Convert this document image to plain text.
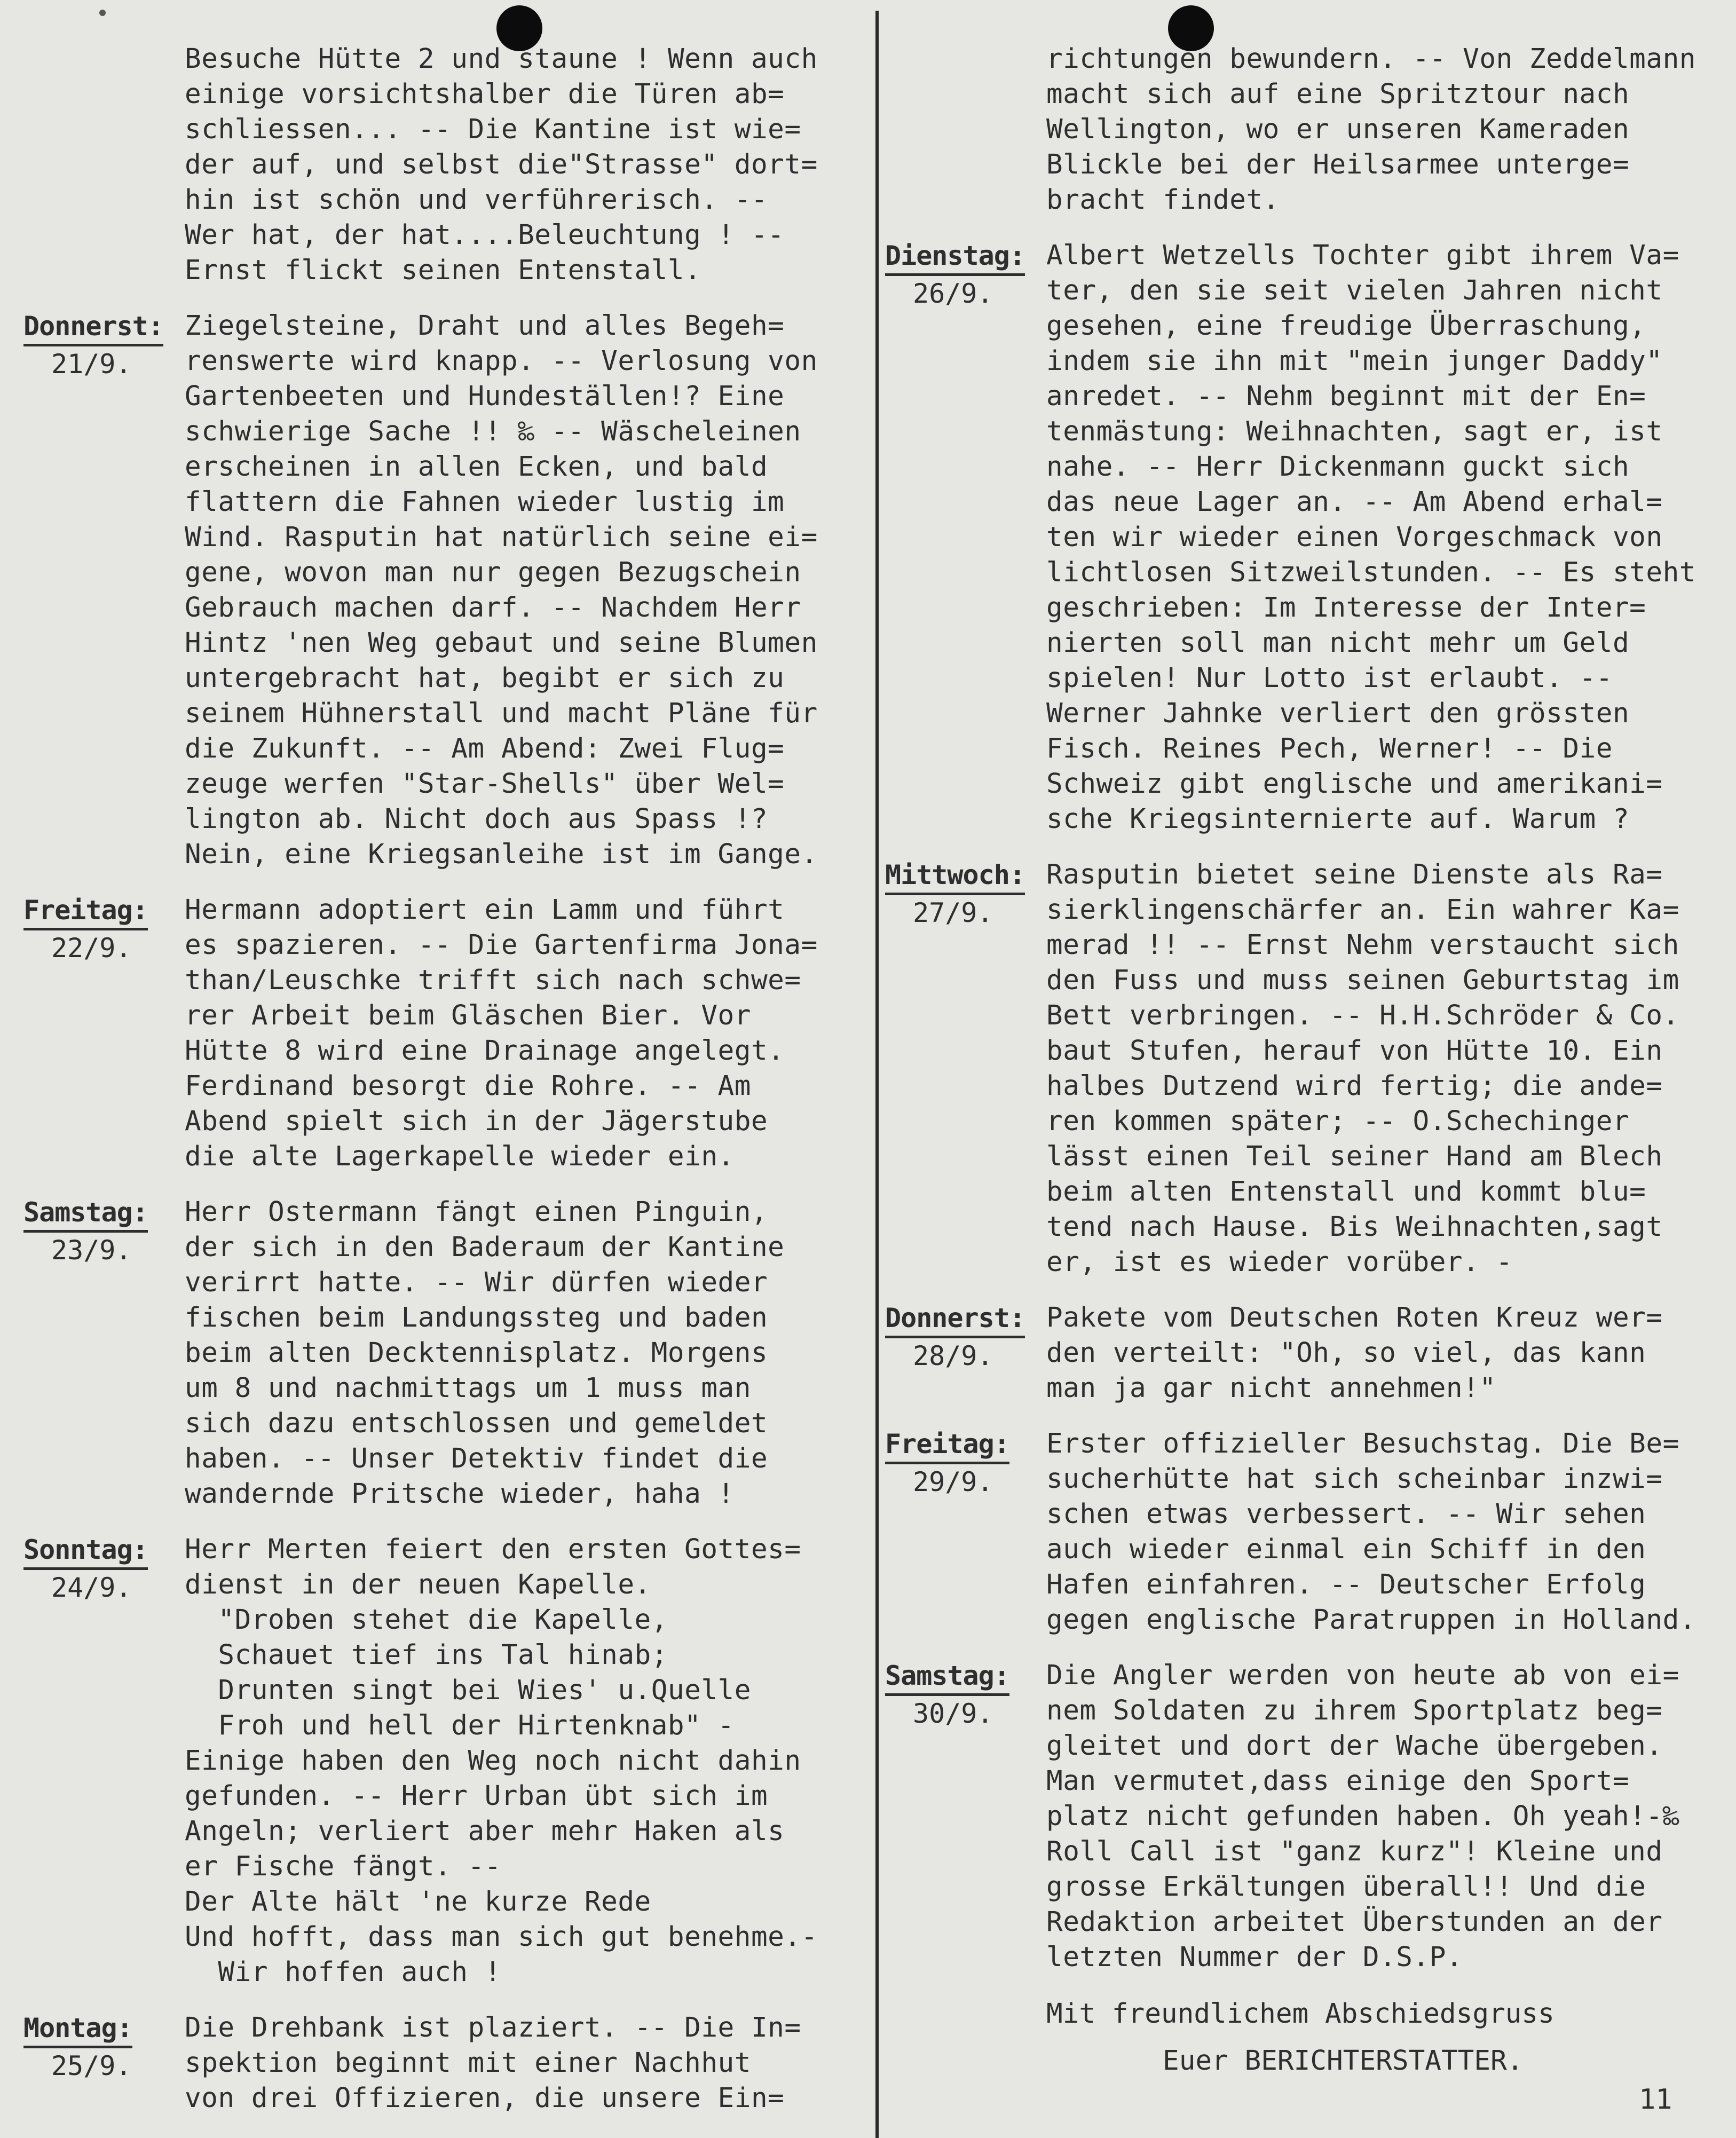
Besuche Hütte 2 und staune ! Wenn auch
einige vorsichtshalber die Türen ab=
schliessen... -- Die Kantine ist wie=
der auf, und selbst die"Strasse" dort=
hin ist schön und verführerisch. --
Wer hat, der hat....Beleuchtung ! --
Ernst flickt seinen Entenstall.
Donnerst:
21/9.
Ziegelsteine, Draht und alles Begeh=
renswerte wird knapp. -- Verlosung von
Gartenbeeten und Hundeställen!? Eine
schwierige Sache !! ‰ -- Wäscheleinen
erscheinen in allen Ecken, und bald
flattern die Fahnen wieder lustig im
Wind. Rasputin hat natürlich seine ei=
gene, wovon man nur gegen Bezugschein
Gebrauch machen darf. -- Nachdem Herr
Hintz 'nen Weg gebaut und seine Blumen
untergebracht hat, begibt er sich zu
seinem Hühnerstall und macht Pläne für
die Zukunft. -- Am Abend: Zwei Flug=
zeuge werfen "Star-Shells" über Wel=
lington ab. Nicht doch aus Spass !?
Nein, eine Kriegsanleihe ist im Gange.
Freitag:
22/9.
Hermann adoptiert ein Lamm und führt
es spazieren. -- Die Gartenfirma Jona=
than/Leuschke trifft sich nach schwe=
rer Arbeit beim Gläschen Bier. Vor
Hütte 8 wird eine Drainage angelegt.
Ferdinand besorgt die Rohre. -- Am
Abend spielt sich in der Jägerstube
die alte Lagerkapelle wieder ein.
Samstag:
23/9.
Herr Ostermann fängt einen Pinguin,
der sich in den Baderaum der Kantine
verirrt hatte. -- Wir dürfen wieder
fischen beim Landungssteg und baden
beim alten Decktennisplatz. Morgens
um 8 und nachmittags um 1 muss man
sich dazu entschlossen und gemeldet
haben. -- Unser Detektiv findet die
wandernde Pritsche wieder, haha !
Sonntag:
24/9.
Herr Merten feiert den ersten Gottes=
dienst in der neuen Kapelle.
"Droben stehet die Kapelle,
Schauet tief ins Tal hinab;
Drunten singt bei Wies' u.Quelle
Froh und hell der Hirtenknab" -
Einige haben den Weg noch nicht dahin
gefunden. -- Herr Urban übt sich im
Angeln; verliert aber mehr Haken als
er Fische fängt. --
Der Alte hält 'ne kurze Rede
Und hofft, dass man sich gut benehme.-
Wir hoffen auch !
Montag:
25/9.
Die Drehbank ist plaziert. -- Die In=
spektion beginnt mit einer Nachhut
von drei Offizieren, die unsere Ein=
richtungen bewundern. -- Von Zeddelmann
macht sich auf eine Spritztour nach
Wellington, wo er unseren Kameraden
Blickle bei der Heilsarmee unterge=
bracht findet.
Dienstag:
26/9.
Albert Wetzells Tochter gibt ihrem Va=
ter, den sie seit vielen Jahren nicht
gesehen, eine freudige Überraschung,
indem sie ihn mit "mein junger Daddy"
anredet. -- Nehm beginnt mit der En=
tenmästung: Weihnachten, sagt er, ist
nahe. -- Herr Dickenmann guckt sich
das neue Lager an. -- Am Abend erhal=
ten wir wieder einen Vorgeschmack von
lichtlosen Sitzweilstunden. -- Es steht
geschrieben: Im Interesse der Inter=
nierten soll man nicht mehr um Geld
spielen! Nur Lotto ist erlaubt. --
Werner Jahnke verliert den grössten
Fisch. Reines Pech, Werner! -- Die
Schweiz gibt englische und amerikani=
sche Kriegsinternierte auf. Warum ?
Mittwoch:
27/9.
Rasputin bietet seine Dienste als Ra=
sierklingenschärfer an. Ein wahrer Ka=
merad !! -- Ernst Nehm verstaucht sich
den Fuss und muss seinen Geburtstag im
Bett verbringen. -- H.H.Schröder & Co.
baut Stufen, herauf von Hütte 10. Ein
halbes Dutzend wird fertig; die ande=
ren kommen später; -- O.Schechinger
lässt einen Teil seiner Hand am Blech
beim alten Entenstall und kommt blu=
tend nach Hause. Bis Weihnachten,sagt
er, ist es wieder vorüber. -
Donnerst:
28/9.
Pakete vom Deutschen Roten Kreuz wer=
den verteilt: "Oh, so viel, das kann
man ja gar nicht annehmen!"
Freitag:
29/9.
Erster offizieller Besuchstag. Die Be=
sucherhütte hat sich scheinbar inzwi=
schen etwas verbessert. -- Wir sehen
auch wieder einmal ein Schiff in den
Hafen einfahren. -- Deutscher Erfolg
gegen englische Paratruppen in Holland.
Samstag:
30/9.
Die Angler werden von heute ab von ei=
nem Soldaten zu ihrem Sportplatz beg=
gleitet und dort der Wache übergeben.
Man vermutet,dass einige den Sport=
platz nicht gefunden haben. Oh yeah!-‰
Roll Call ist "ganz kurz"! Kleine und
grosse Erkältungen überall!! Und die
Redaktion arbeitet Überstunden an der
letzten Nummer der D.S.P.
Mit freundlichem Abschiedsgruss
Euer BERICHTERSTATTER.
11
